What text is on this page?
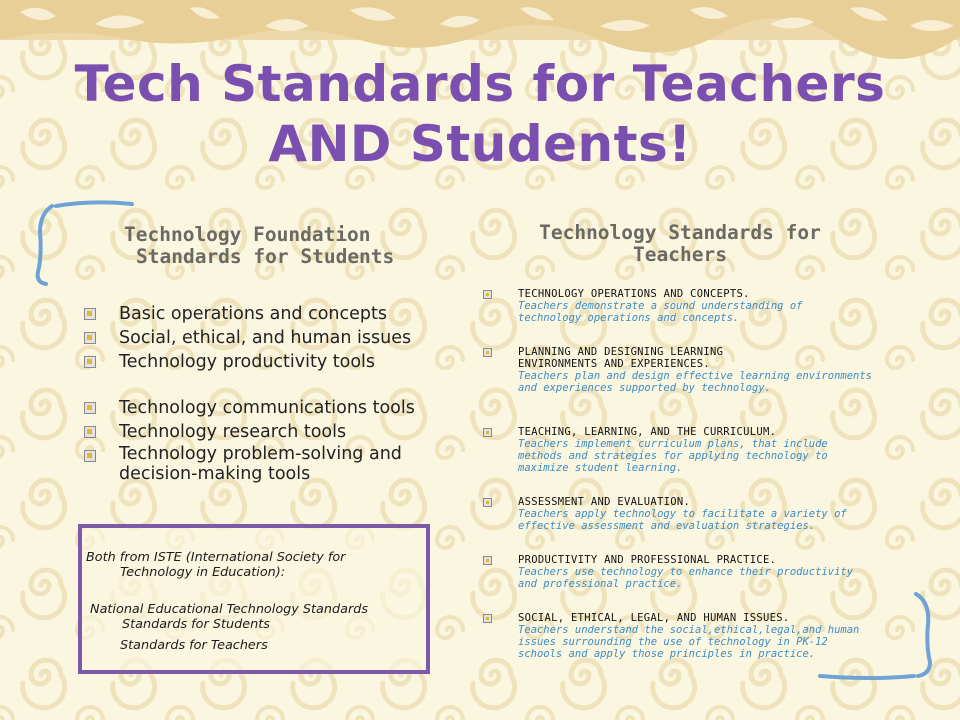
Tech Standards for Teachers
AND Students!
Technology Foundation
Standards for Students
Basic operations and concepts
Social, ethical, and human issues
Technology productivity tools
Technology communications tools
Technology research tools
Technology problem-solving and decision-making tools
Technology Standards for
Teachers
TECHNOLOGY OPERATIONS AND CONCEPTS.
Teachers demonstrate a sound understanding of technology operations and concepts.
PLANNING AND DESIGNING LEARNING ENVIRONMENTS AND EXPERIENCES.
Teachers plan and design effective learning environments and experiences supported by technology.
TEACHING, LEARNING, AND THE CURRICULUM.
Teachers implement curriculum plans, that include methods and strategies for applying technology to maximize student learning.
ASSESSMENT AND EVALUATION.
Teachers apply technology to facilitate a variety of effective assessment and evaluation strategies.
PRODUCTIVITY AND PROFESSIONAL PRACTICE.
Teachers use technology to enhance their productivity and professional practice.
SOCIAL, ETHICAL, LEGAL, AND HUMAN ISSUES.
Teachers understand the social,ethical,legal,and human issues surrounding the use of technology in PK-12 schools and apply those principles in practice.
Both from ISTE (International Society for
Technology in Education):
National Educational Technology Standards
Standards for Students
Standards for Teachers
